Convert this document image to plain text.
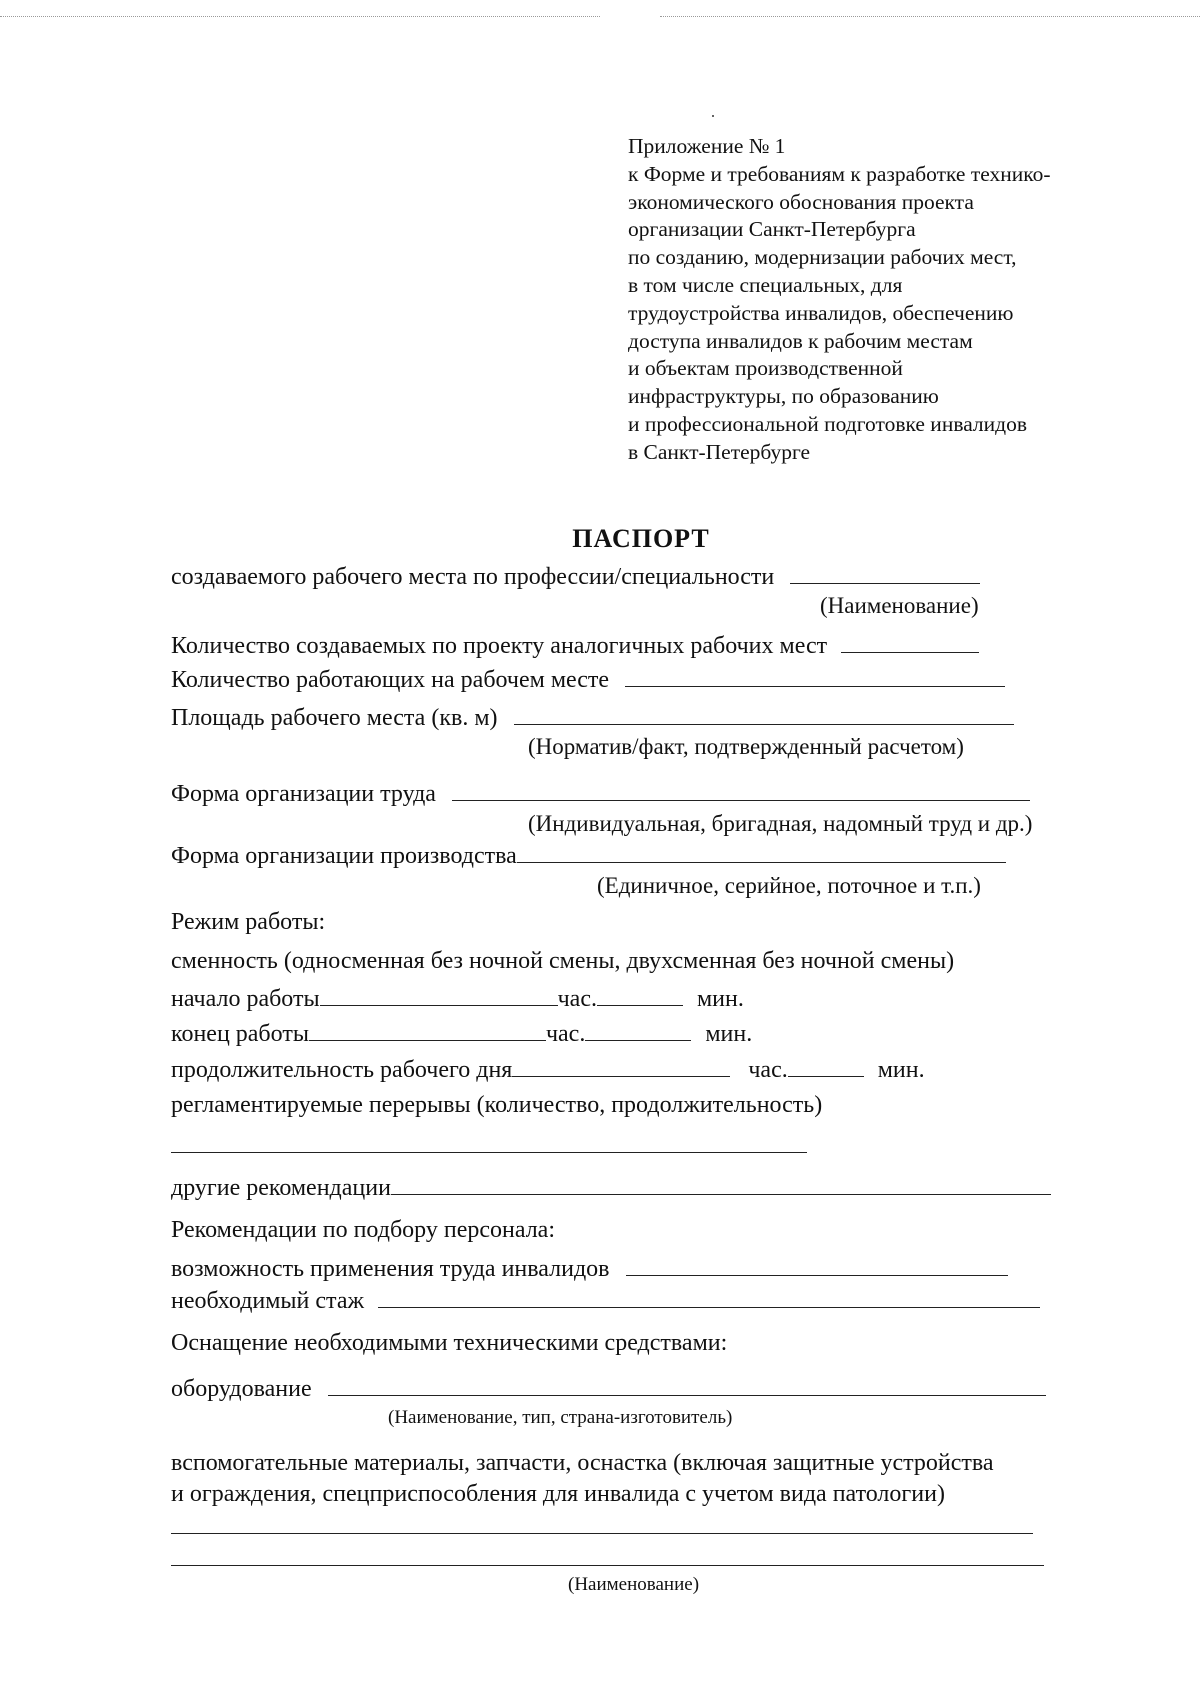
Приложение № 1
к Форме и требованиям к разработке технико-
экономического обоснования проекта
организации Санкт-Петербурга
по созданию, модернизации рабочих мест,
в том числе специальных, для
трудоустройства инвалидов, обеспечению
доступа инвалидов к рабочим местам
и объектам производственной
инфраструктуры, по образованию
и профессиональной подготовке инвалидов
в Санкт-Петербурге
ПАСПОРТ
создаваемого рабочего места по профессии/специальности
(Наименование)
Количество создаваемых по проекту аналогичных рабочих мест
Количество работающих на рабочем месте
Площадь рабочего места (кв. м)
(Норматив/факт, подтвержденный расчетом)
Форма организации труда
(Индивидуальная, бригадная, надомный труд и др.)
Форма организации производства
(Единичное, серийное, поточное и т.п.)
Режим работы:
сменность (односменная без ночной смены, двухсменная без ночной смены)
начало работы	час.	мин.
конец работы	час.	мин.
продолжительность рабочего дня	час.	мин.
регламентируемые перерывы (количество, продолжительность)
другие рекомендации
Рекомендации по подбору персонала:
возможность применения труда инвалидов
необходимый стаж
Оснащение необходимыми техническими средствами:
оборудование
(Наименование, тип, страна-изготовитель)
вспомогательные материалы, запчасти, оснастка (включая защитные устройства
и ограждения, спецприспособления для инвалида с учетом вида патологии)
(Наименование)
